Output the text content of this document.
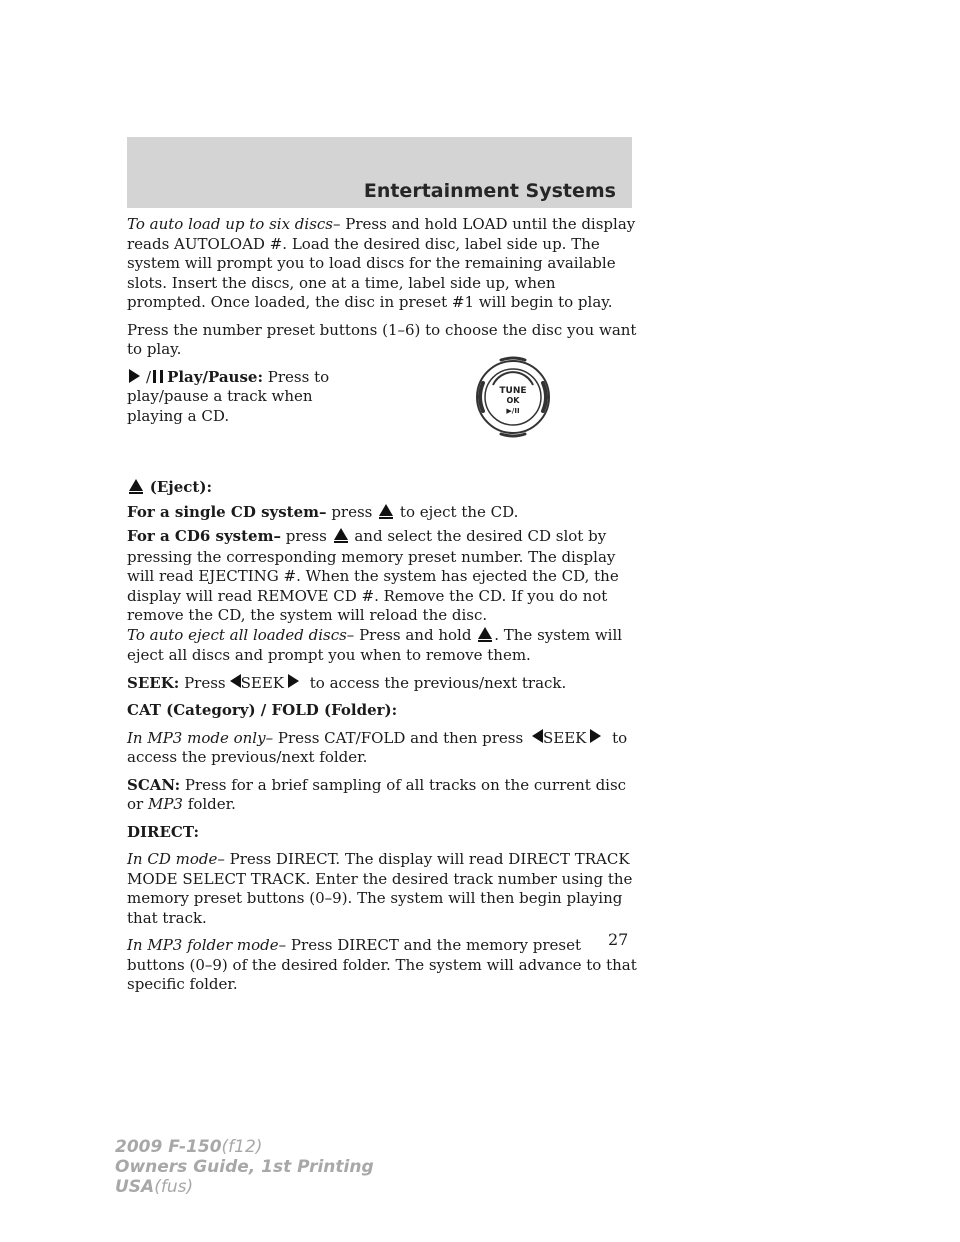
Entertainment Systems

To auto load up to six discs– Press and hold LOAD until the display reads AUTOLOAD #. Load the desired disc, label side up. The system will prompt you to load discs for the remaining available slots. Insert the discs, one at a time, label side up, when prompted. Once loaded, the disc in preset #1 will begin to play.

Press the number preset buttons (1–6) to choose the disc you want to play.

/ Play/Pause: Press to play/pause a track when playing a CD.

(Eject):

For a single CD system– press to eject the CD.

For a CD6 system– press and select the desired CD slot by pressing the corresponding memory preset number. The display will read EJECTING #. When the system has ejected the CD, the display will read REMOVE CD #. Remove the CD. If you do not remove the CD, the system will reload the disc.

To auto eject all loaded discs– Press and hold . The system will eject all discs and prompt you when to remove them.

SEEK: Press SEEK to access the previous/next track.

CAT (Category) / FOLD (Folder):

In MP3 mode only– Press CAT/FOLD and then press SEEK to access the previous/next folder.

SCAN: Press for a brief sampling of all tracks on the current disc or MP3 folder.

DIRECT:

In CD mode– Press DIRECT. The display will read DIRECT TRACK MODE SELECT TRACK. Enter the desired track number using the memory preset buttons (0–9). The system will then begin playing that track.

In MP3 folder mode– Press DIRECT and the memory preset buttons (0–9) of the desired folder. The system will advance to that specific folder.

TUNE
OK
▶/II

27

2009 F-150(f12)
Owners Guide, 1st Printing
USA(fus)
